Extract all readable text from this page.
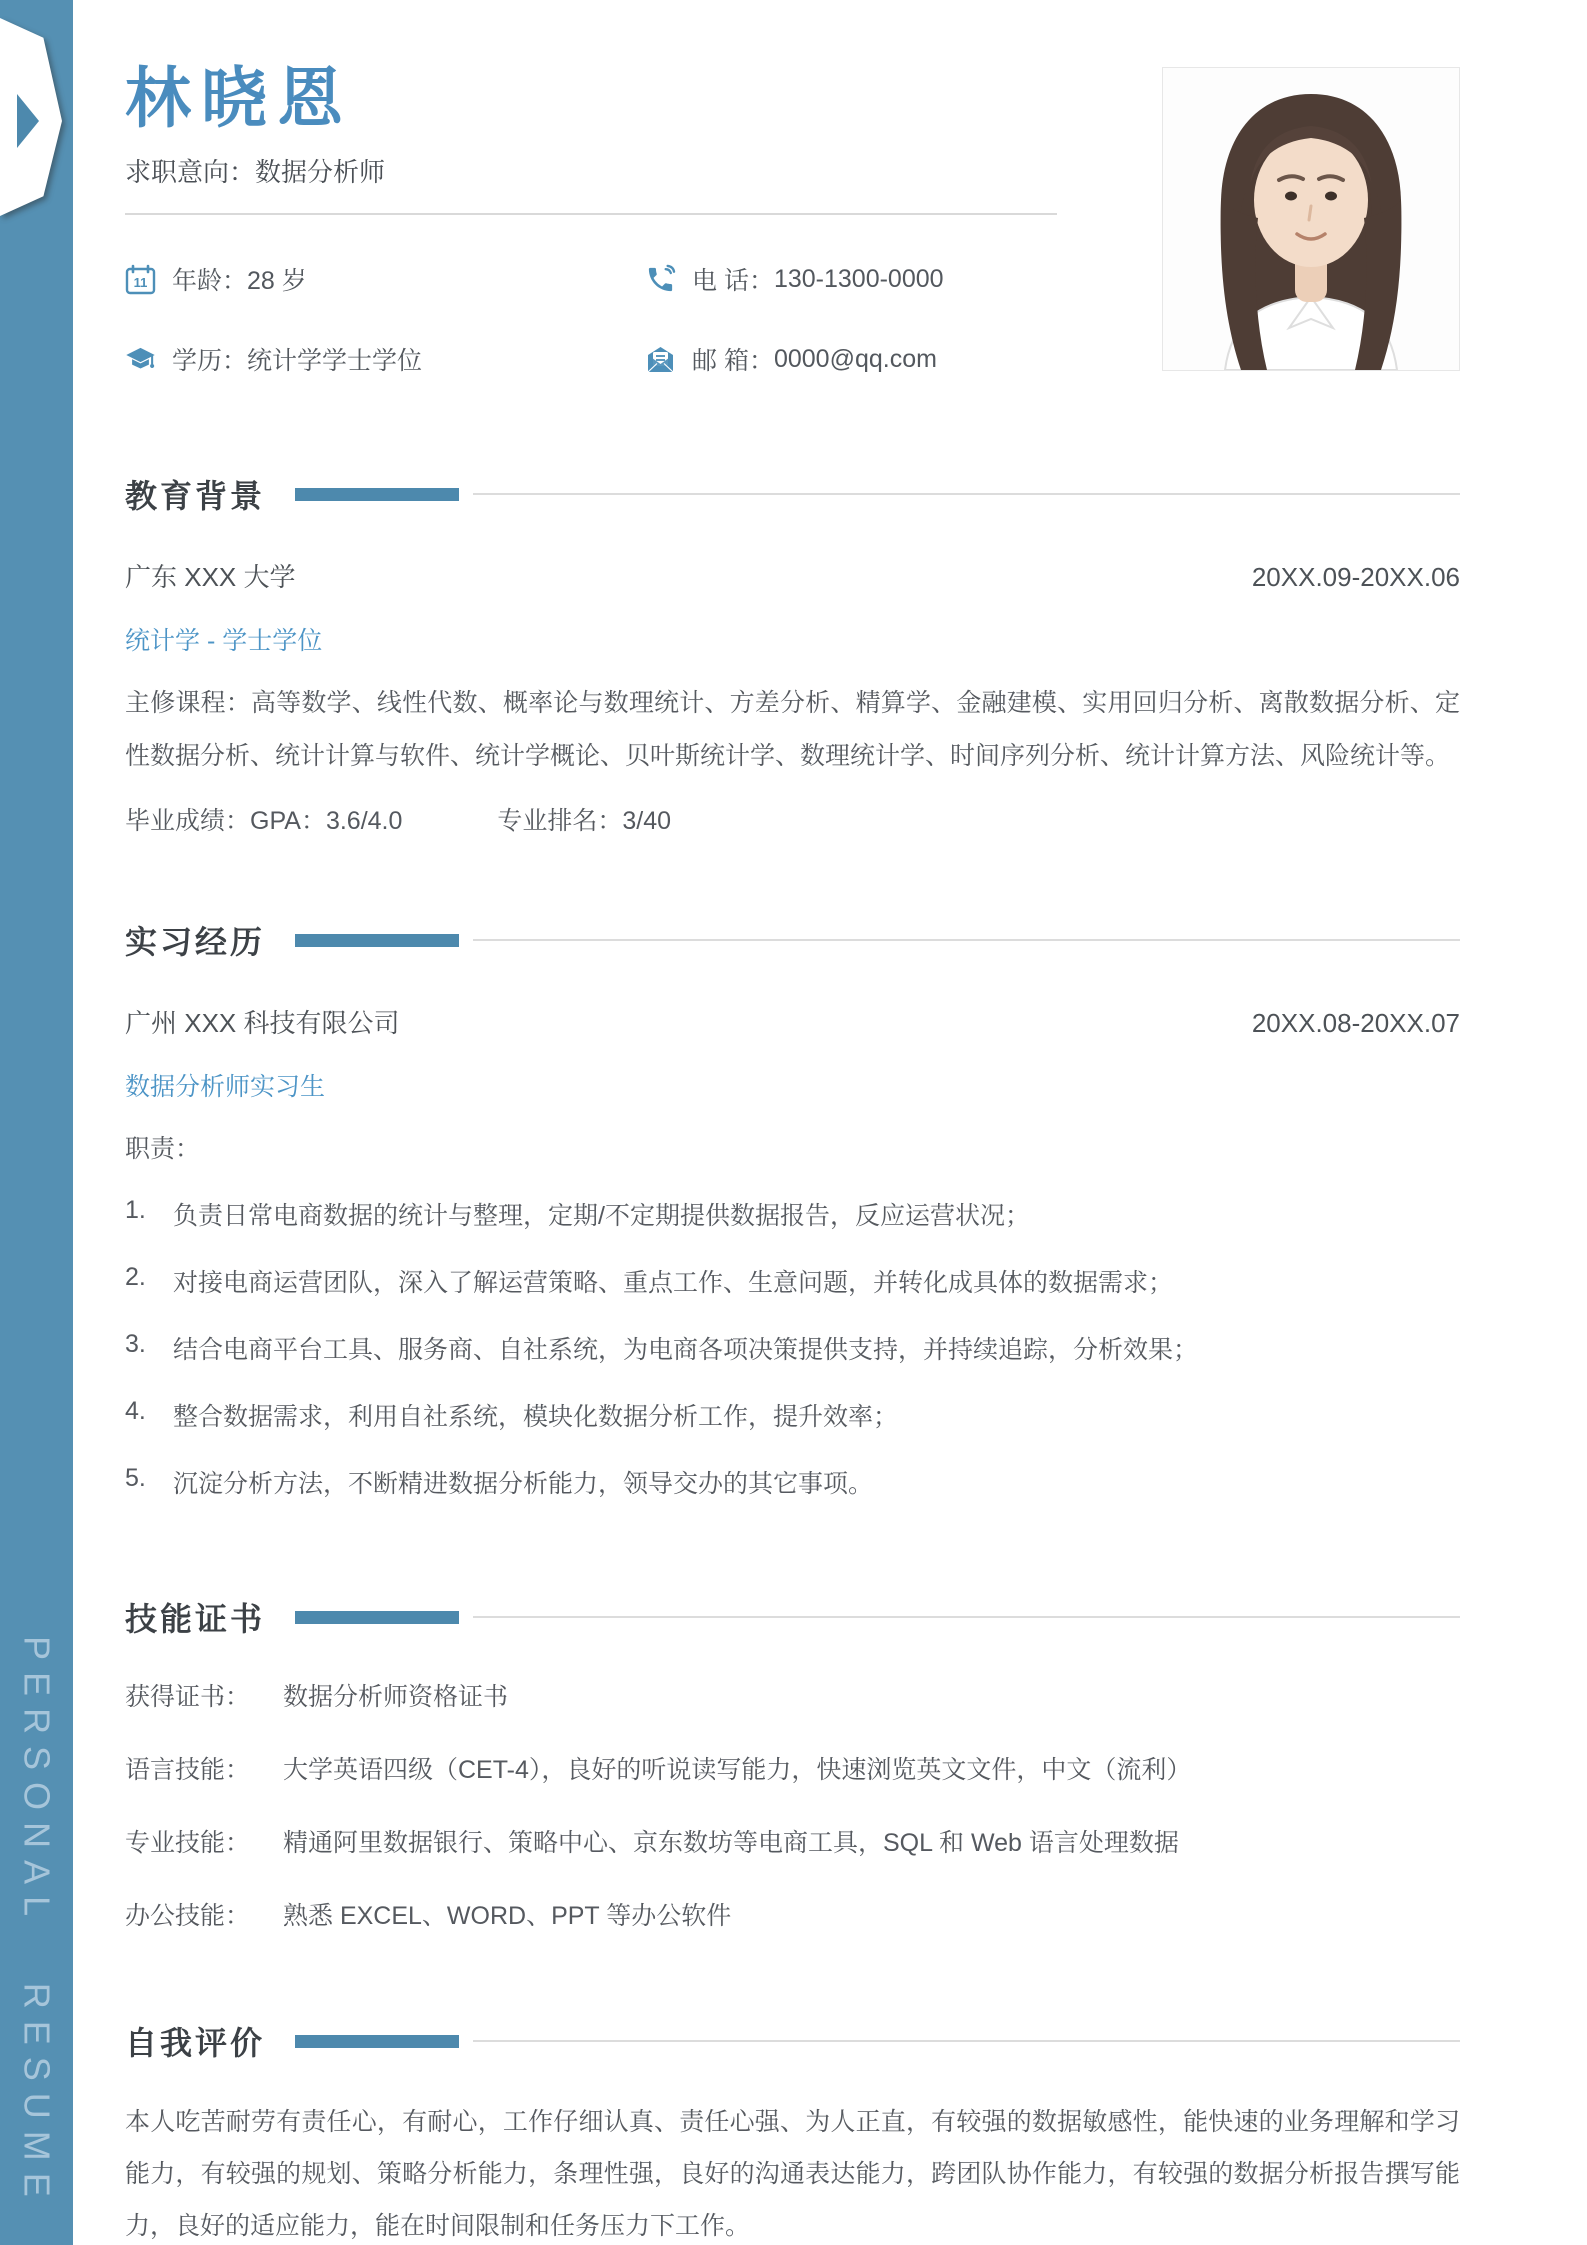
PERSONAL RESUME
林晓恩
求职意向：数据分析师
11 年龄： 28 岁	电 话： 130-1300-0000
学历： 统计学学士学位	邮 箱： 0000@qq.com
教育背景
广东 XXX 大学	20XX.09-20XX.06
统计学 - 学士学位
主修课程：高等数学、线性代数、概率论与数理统计、方差分析、精算学、金融建模、实用回归分析、离散数据分析、定性数据分析、统计计算与软件、统计学概论、贝叶斯统计学、数理统计学、时间序列分析、统计计算方法、风险统计等。
毕业成绩：GPA：3.6/4.0	专业排名：3/40
实习经历
广州 XXX 科技有限公司	20XX.08-20XX.07
数据分析师实习生
职责：
1.	负责日常电商数据的统计与整理，定期/不定期提供数据报告，反应运营状况；
2.	对接电商运营团队，深入了解运营策略、重点工作、生意问题，并转化成具体的数据需求；
3.	结合电商平台工具、服务商、自社系统，为电商各项决策提供支持，并持续追踪，分析效果；
4.	整合数据需求，利用自社系统，模块化数据分析工作，提升效率；
5.	沉淀分析方法，不断精进数据分析能力，领导交办的其它事项。
技能证书
获得证书：	数据分析师资格证书
语言技能：	大学英语四级（CET-4），良好的听说读写能力，快速浏览英文文件，中文（流利）
专业技能：	精通阿里数据银行、策略中心、京东数坊等电商工具，SQL 和 Web 语言处理数据
办公技能：	熟悉 EXCEL、WORD、PPT 等办公软件
自我评价
本人吃苦耐劳有责任心，有耐心，工作仔细认真、责任心强、为人正直，有较强的数据敏感性，能快速的业务理解和学习能力，有较强的规划、策略分析能力，条理性强，良好的沟通表达能力，跨团队协作能力，有较强的数据分析报告撰写能力，良好的适应能力，能在时间限制和任务压力下工作。
